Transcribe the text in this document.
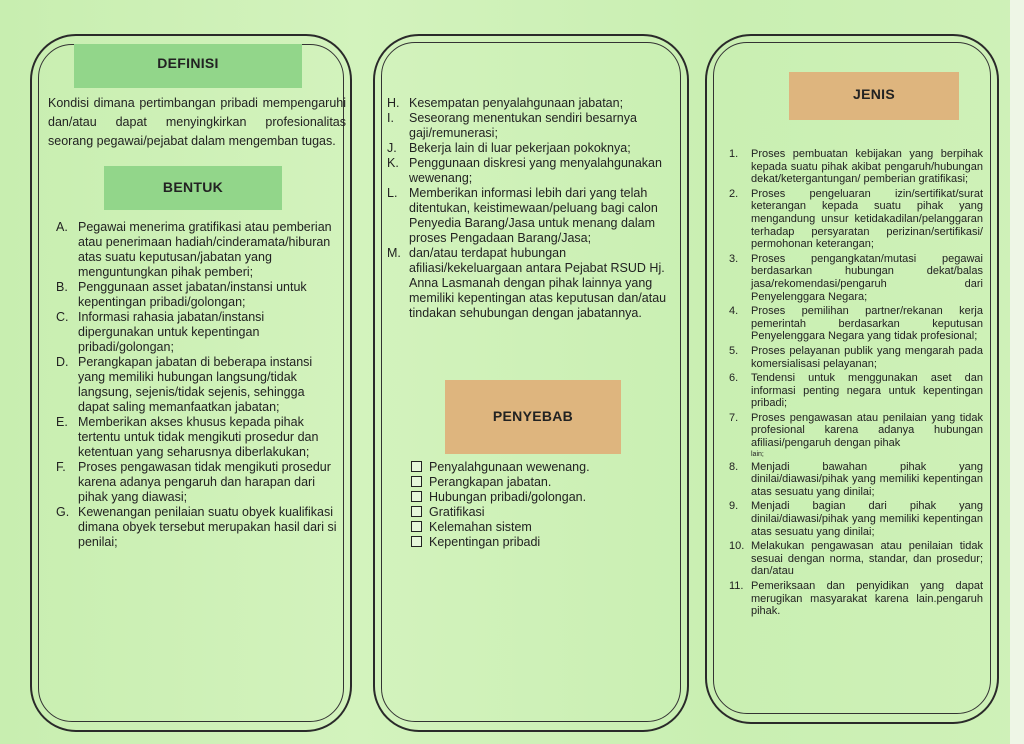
DEFINISI
Kondisi dimana pertimbangan pribadi mempengaruhi dan/atau dapat menyingkirkan profesionalitas seorang pegawai/pejabat dalam mengemban tugas.
BENTUK
A. Pegawai menerima gratifikasi atau pemberian atau penerimaan hadiah/cinderamata/hiburan atas suatu keputusan/jabatan yang menguntungkan pihak pemberi;
B. Penggunaan asset jabatan/instansi untuk kepentingan pribadi/golongan;
C. Informasi rahasia jabatan/instansi dipergunakan untuk kepentingan pribadi/golongan;
D. Perangkapan jabatan di beberapa instansi yang memiliki hubungan langsung/tidak langsung, sejenis/tidak sejenis, sehingga dapat saling memanfaatkan jabatan;
E. Memberikan akses khusus kepada pihak tertentu untuk tidak mengikuti prosedur dan ketentuan yang seharusnya diberlakukan;
F. Proses pengawasan tidak mengikuti prosedur karena adanya pengaruh dan harapan dari pihak yang diawasi;
G. Kewenangan penilaian suatu obyek kualifikasi dimana obyek tersebut merupakan hasil dari si penilai;
H. Kesempatan penyalahgunaan jabatan;
I. Seseorang menentukan sendiri besarnya gaji/remunerasi;
J. Bekerja lain di luar pekerjaan pokoknya;
K. Penggunaan diskresi yang menyalahgunakan wewenang;
L. Memberikan informasi lebih dari yang telah ditentukan, keistimewaan/peluang bagi calon Penyedia Barang/Jasa untuk menang dalam proses Pengadaan Barang/Jasa;
M. dan/atau terdapat hubungan afiliasi/kekeluargaan antara Pejabat RSUD Hj. Anna Lasmanah dengan pihak lainnya yang memiliki kepentingan atas keputusan dan/atau tindakan sehubungan dengan jabatannya.
PENYEBAB
Penyalahgunaan wewenang.
Perangkapan jabatan.
Hubungan pribadi/golongan.
Gratifikasi
Kelemahan sistem
Kepentingan pribadi
JENIS
1. Proses pembuatan kebijakan yang berpihak kepada suatu pihak akibat pengaruh/hubungan dekat/ketergantungan/ pemberian gratifikasi;
2. Proses pengeluaran izin/sertifikat/surat keterangan kepada suatu pihak yang mengandung unsur ketidakadilan/pelanggaran terhadap persyaratan perizinan/sertifikasi/ permohonan keterangan;
3. Proses pengangkatan/mutasi pegawai berdasarkan hubungan dekat/balas jasa/rekomendasi/pengaruh dari Penyelenggara Negara;
4. Proses pemilihan partner/rekanan kerja pemerintah berdasarkan keputusan Penyelenggara Negara yang tidak profesional;
5. Proses pelayanan publik yang mengarah pada komersialisasi pelayanan;
6. Tendensi untuk menggunakan aset dan informasi penting negara untuk kepentingan pribadi;
7. Proses pengawasan atau penilaian yang tidak profesional karena adanya hubungan afiliasi/pengaruh dengan pihak
lain;
8. Menjadi bawahan pihak yang dinilai/diawasi/pihak yang memiliki kepentingan atas sesuatu yang dinilai;
9. Menjadi bagian dari pihak yang dinilai/diawasi/pihak yang memiliki kepentingan atas sesuatu yang dinilai;
10. Melakukan pengawasan atau penilaian tidak sesuai dengan norma, standar, dan prosedur; dan/atau
11. Pemeriksaan dan penyidikan yang dapat merugikan masyarakat karena lain.pengaruh pihak.
